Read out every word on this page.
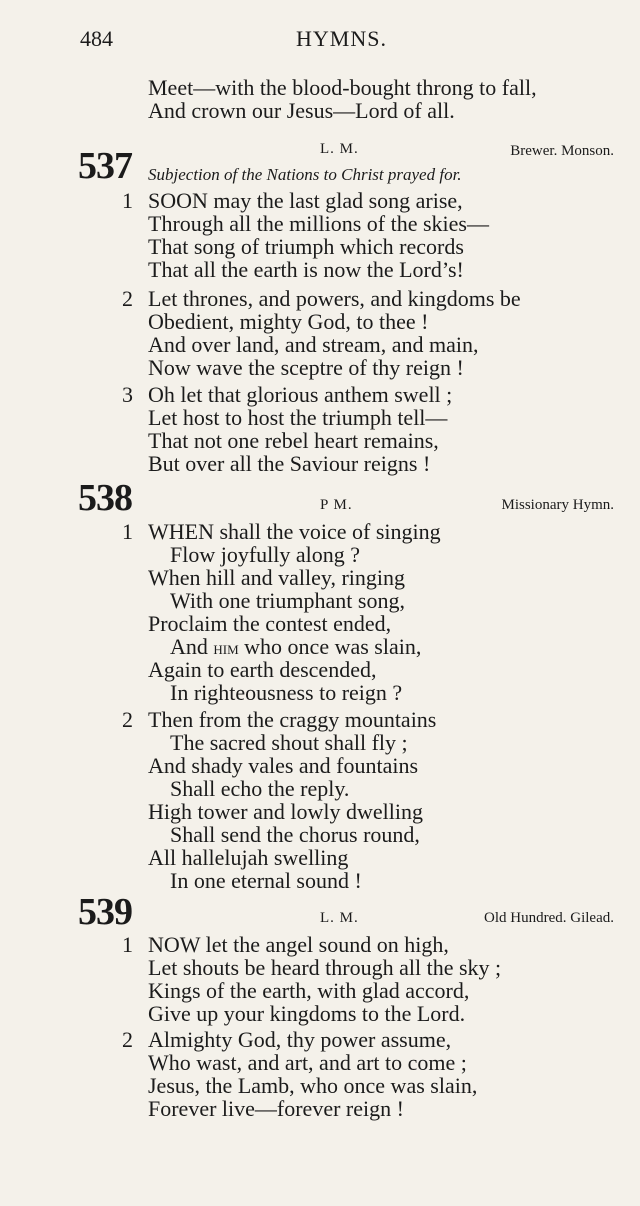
484	HYMNS.
Meet—with the blood-bought throng to fall,
And crown our Jesus—Lord of all.
537	L. M.	Brewer. Monson.
Subjection of the Nations to Christ prayed for.
1 SOON may the last glad song arise,
Through all the millions of the skies—
That song of triumph which records
That all the earth is now the Lord’s!
2 Let thrones, and powers, and kingdoms be
Obedient, mighty God, to thee !
And over land, and stream, and main,
Now wave the sceptre of thy reign !
3 Oh let that glorious anthem swell ;
Let host to host the triumph tell—
That not one rebel heart remains,
But over all the Saviour reigns !
538	P M.	Missionary Hymn.
1 WHEN shall the voice of singing
Flow joyfully along ?
When hill and valley, ringing
With one triumphant song,
Proclaim the contest ended,
And him who once was slain,
Again to earth descended,
In righteousness to reign ?
2 Then from the craggy mountains
The sacred shout shall fly ;
And shady vales and fountains
Shall echo the reply.
High tower and lowly dwelling
Shall send the chorus round,
All hallelujah swelling
In one eternal sound !
539	L. M.	Old Hundred. Gilead.
1 NOW let the angel sound on high,
Let shouts be heard through all the sky ;
Kings of the earth, with glad accord,
Give up your kingdoms to the Lord.
2 Almighty God, thy power assume,
Who wast, and art, and art to come ;
Jesus, the Lamb, who once was slain,
Forever live—forever reign !
